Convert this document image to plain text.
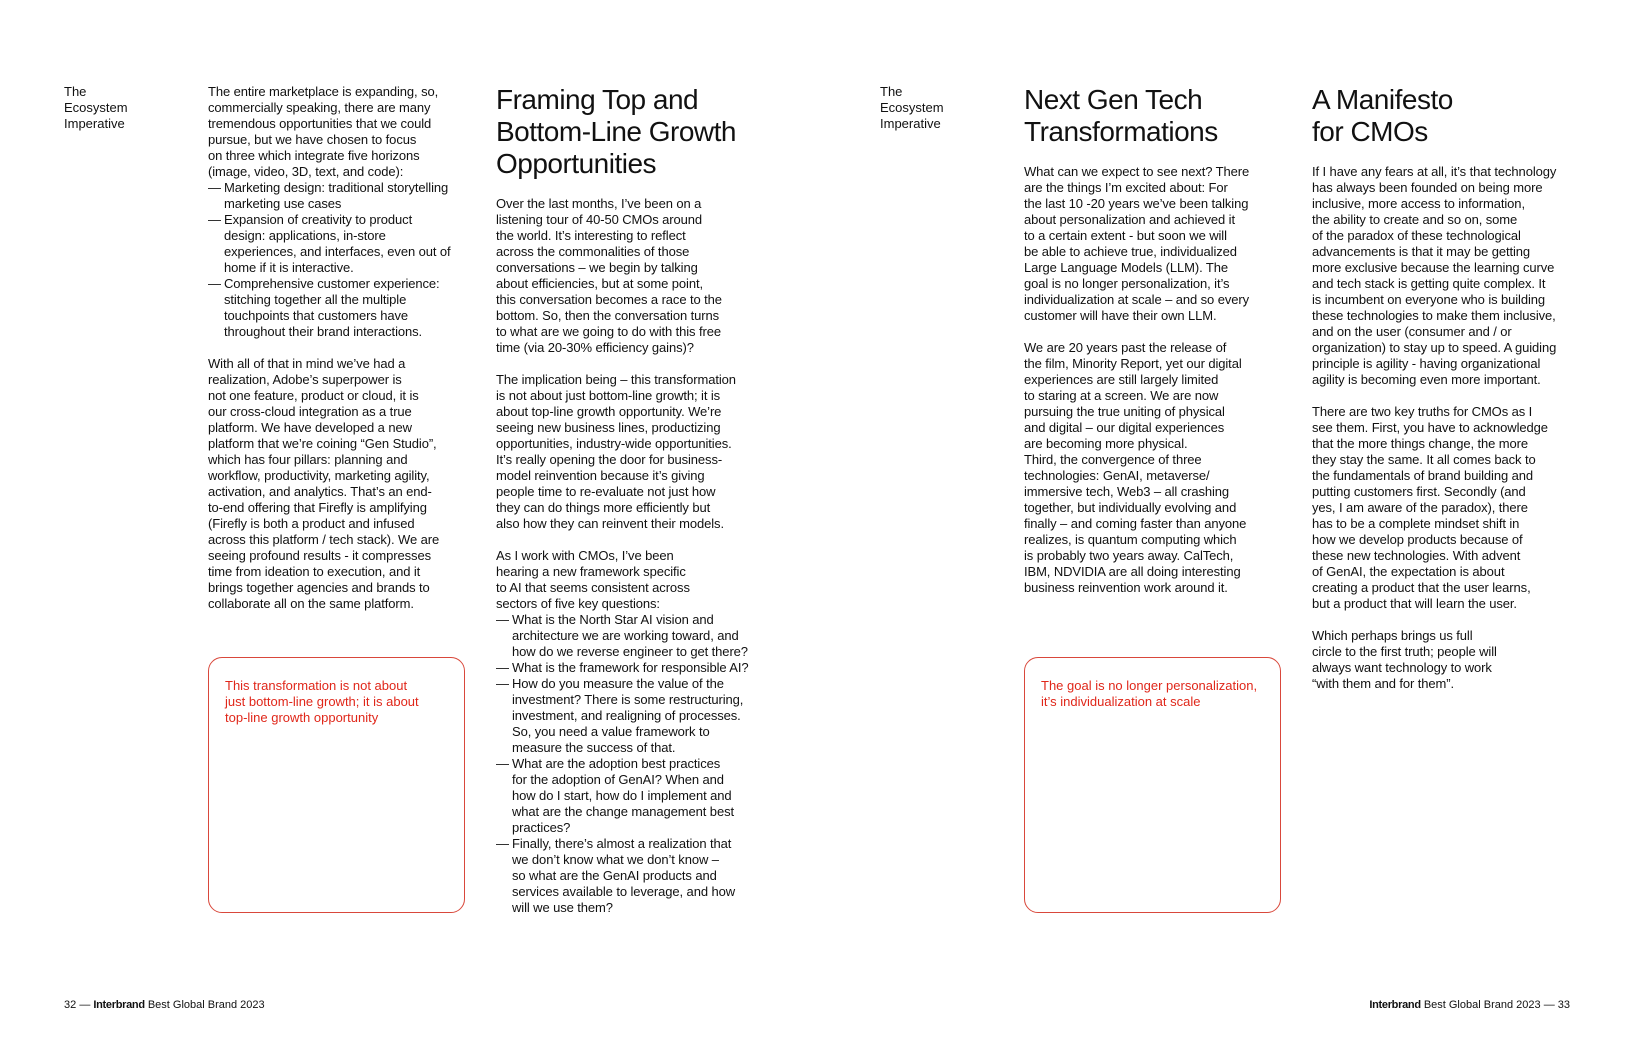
The
Ecosystem
Imperative

The entire marketplace is expanding, so,
commercially speaking, there are many
tremendous opportunities that we could
pursue, but we have chosen to focus
on three which integrate five horizons
(image, video, 3D, text, and code):

— Marketing design: traditional storytelling
marketing use cases
— Expansion of creativity to product
design: applications, in-store
experiences, and interfaces, even out of
home if it is interactive.
— Comprehensive customer experience:
stitching together all the multiple
touchpoints that customers have
throughout their brand interactions.

With all of that in mind we’ve had a
realization, Adobe’s superpower is
not one feature, product or cloud, it is
our cross-cloud integration as a true
platform. We have developed a new
platform that we’re coining “Gen Studio”,
which has four pillars: planning and
workflow, productivity, marketing agility,
activation, and analytics. That’s an end-
to-end offering that Firefly is amplifying
(Firefly is both a product and infused
across this platform / tech stack). We are
seeing profound results - it compresses
time from ideation to execution, and it
brings together agencies and brands to
collaborate all on the same platform.

This transformation is not about
just bottom-line growth; it is about
top-line growth opportunity
Framing Top and
Bottom-Line Growth
Opportunities

Over the last months, I’ve been on a
listening tour of 40-50 CMOs around
the world. It’s interesting to reflect
across the commonalities of those
conversations – we begin by talking
about efficiencies, but at some point,
this conversation becomes a race to the
bottom. So, then the conversation turns
to what are we going to do with this free
time (via 20-30% efficiency gains)?

The implication being – this transformation
is not about just bottom-line growth; it is
about top-line growth opportunity. We’re
seeing new business lines, productizing
opportunities, industry-wide opportunities.
It’s really opening the door for business-
model reinvention because it’s giving
people time to re-evaluate not just how
they can do things more efficiently but
also how they can reinvent their models.

As I work with CMOs, I’ve been
hearing a new framework specific
to AI that seems consistent across
sectors of five key questions:

— What is the North Star AI vision and
architecture we are working toward, and
how do we reverse engineer to get there?
— What is the framework for responsible AI?
— How do you measure the value of the
investment? There is some restructuring,
investment, and realigning of processes.
So, you need a value framework to
measure the success of that.
— What are the adoption best practices
for the adoption of GenAI? When and
how do I start, how do I implement and
what are the change management best
practices?
— Finally, there’s almost a realization that
we don’t know what we don’t know –
so what are the GenAI products and
services available to leverage, and how
will we use them?
32 — Interbrand Best Global Brand 2023
The
Ecosystem
Imperative
Next Gen Tech
Transformations

What can we expect to see next? There
are the things I’m excited about: For
the last 10 -20 years we’ve been talking
about personalization and achieved it
to a certain extent - but soon we will
be able to achieve true, individualized
Large Language Models (LLM). The
goal is no longer personalization, it’s
individualization at scale – and so every
customer will have their own LLM.

We are 20 years past the release of
the film, Minority Report, yet our digital
experiences are still largely limited
to staring at a screen. We are now
pursuing the true uniting of physical
and digital – our digital experiences
are becoming more physical.
Third, the convergence of three
technologies: GenAI, metaverse/
immersive tech, Web3 – all crashing
together, but individually evolving and
finally – and coming faster than anyone
realizes, is quantum computing which
is probably two years away. CalTech,
IBM, NDVIDIA are all doing interesting
business reinvention work around it.

The goal is no longer personalization,
it’s individualization at scale
A Manifesto
for CMOs

If I have any fears at all, it’s that technology
has always been founded on being more
inclusive, more access to information,
the ability to create and so on, some
of the paradox of these technological
advancements is that it may be getting
more exclusive because the learning curve
and tech stack is getting quite complex. It
is incumbent on everyone who is building
these technologies to make them inclusive,
and on the user (consumer and / or
organization) to stay up to speed. A guiding
principle is agility - having organizational
agility is becoming even more important.

There are two key truths for CMOs as I
see them. First, you have to acknowledge
that the more things change, the more
they stay the same. It all comes back to
the fundamentals of brand building and
putting customers first. Secondly (and
yes, I am aware of the paradox), there
has to be a complete mindset shift in
how we develop products because of
these new technologies. With advent
of GenAI, the expectation is about
creating a product that the user learns,
but a product that will learn the user.

Which perhaps brings us full
circle to the first truth; people will
always want technology to work
“with them and for them”.

Interbrand Best Global Brand 2023 — 33
